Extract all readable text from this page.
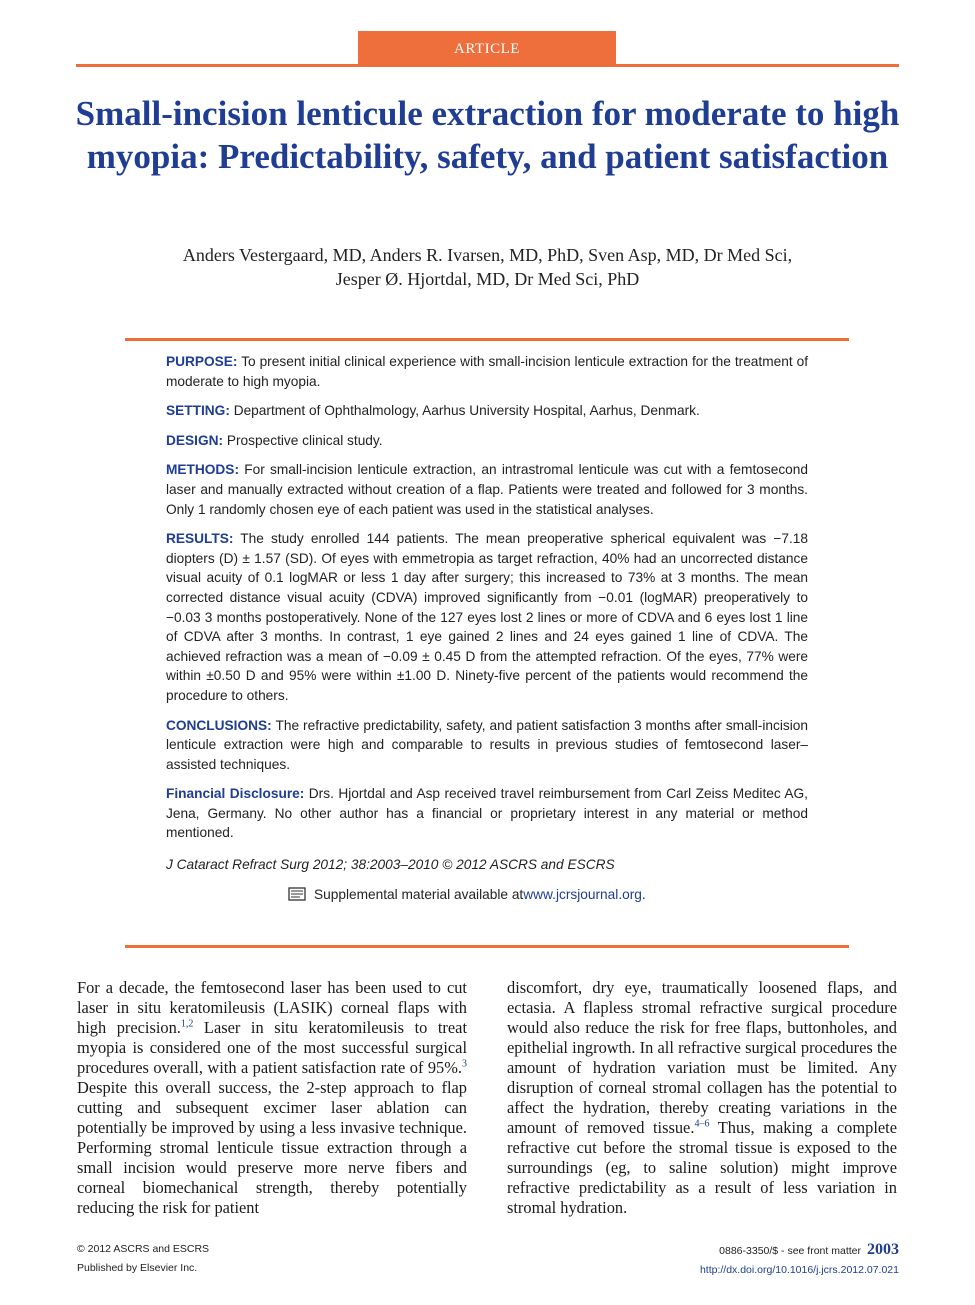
ARTICLE
Small-incision lenticule extraction for moderate to high myopia: Predictability, safety, and patient satisfaction
Anders Vestergaard, MD, Anders R. Ivarsen, MD, PhD, Sven Asp, MD, Dr Med Sci,
Jesper Ø. Hjortdal, MD, Dr Med Sci, PhD

PURPOSE: To present initial clinical experience with small-incision lenticule extraction for the treatment of moderate to high myopia.

SETTING: Department of Ophthalmology, Aarhus University Hospital, Aarhus, Denmark.

DESIGN: Prospective clinical study.

METHODS: For small-incision lenticule extraction, an intrastromal lenticule was cut with a femtosecond laser and manually extracted without creation of a flap. Patients were treated and followed for 3 months. Only 1 randomly chosen eye of each patient was used in the statistical analyses.

RESULTS: The study enrolled 144 patients. The mean preoperative spherical equivalent was −7.18 diopters (D) ± 1.57 (SD). Of eyes with emmetropia as target refraction, 40% had an uncorrected distance visual acuity of 0.1 logMAR or less 1 day after surgery; this increased to 73% at 3 months. The mean corrected distance visual acuity (CDVA) improved significantly from −0.01 (logMAR) preoperatively to −0.03 3 months postoperatively. None of the 127 eyes lost 2 lines or more of CDVA and 6 eyes lost 1 line of CDVA after 3 months. In contrast, 1 eye gained 2 lines and 24 eyes gained 1 line of CDVA. The achieved refraction was a mean of −0.09 ± 0.45 D from the attempted refraction. Of the eyes, 77% were within ±0.50 D and 95% were within ±1.00 D. Ninety-five percent of the patients would recommend the procedure to others.

CONCLUSIONS: The refractive predictability, safety, and patient satisfaction 3 months after small-incision lenticule extraction were high and comparable to results in previous studies of femtosecond laser–assisted techniques.

Financial Disclosure: Drs. Hjortdal and Asp received travel reimbursement from Carl Zeiss Meditec AG, Jena, Germany. No other author has a financial or proprietary interest in any material or method mentioned.

J Cataract Refract Surg 2012; 38:2003–2010 © 2012 ASCRS and ESCRS

Supplemental material available at www.jcrsjournal.org .

For a decade, the femtosecond laser has been used to cut laser in situ keratomileusis (LASIK) corneal flaps with high precision.$^{1,2}$ Laser in situ keratomileusis to treat myopia is considered one of the most successful surgical procedures overall, with a patient satisfaction rate of 95%.$^3$ Despite this overall success, the 2-step approach to flap cutting and subsequent excimer laser ablation can potentially be improved by using a less invasive technique. Performing stromal lenticule tissue extraction through a small incision would preserve more nerve fibers and corneal biomechanical strength, thereby potentially reducing the risk for patient

discomfort, dry eye, traumatically loosened flaps, and ectasia. A flapless stromal refractive surgical procedure would also reduce the risk for free flaps, buttonholes, and epithelial ingrowth. In all refractive surgical procedures the amount of hydration variation must be limited. Any disruption of corneal stromal collagen has the potential to affect the hydration, thereby creating variations in the amount of removed tissue.$^{4-6}$ Thus, making a complete refractive cut before the stromal tissue is exposed to the surroundings (eg, to saline solution) might improve refractive predictability as a result of less variation in stromal hydration.

© 2012 ASCRS and ESCRS
Published by Elsevier Inc.
0886-3350/$ - see front matter 2003
http://dx.doi.org/10.1016/j.jcrs.2012.07.021
